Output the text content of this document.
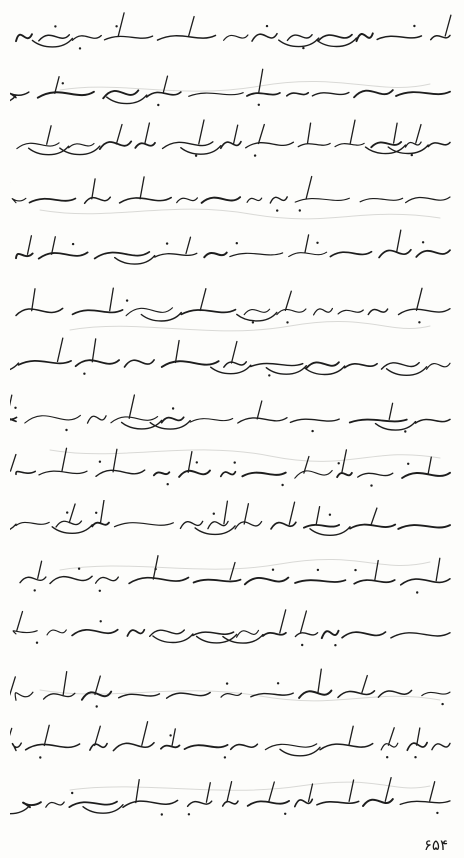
۶۵۴
